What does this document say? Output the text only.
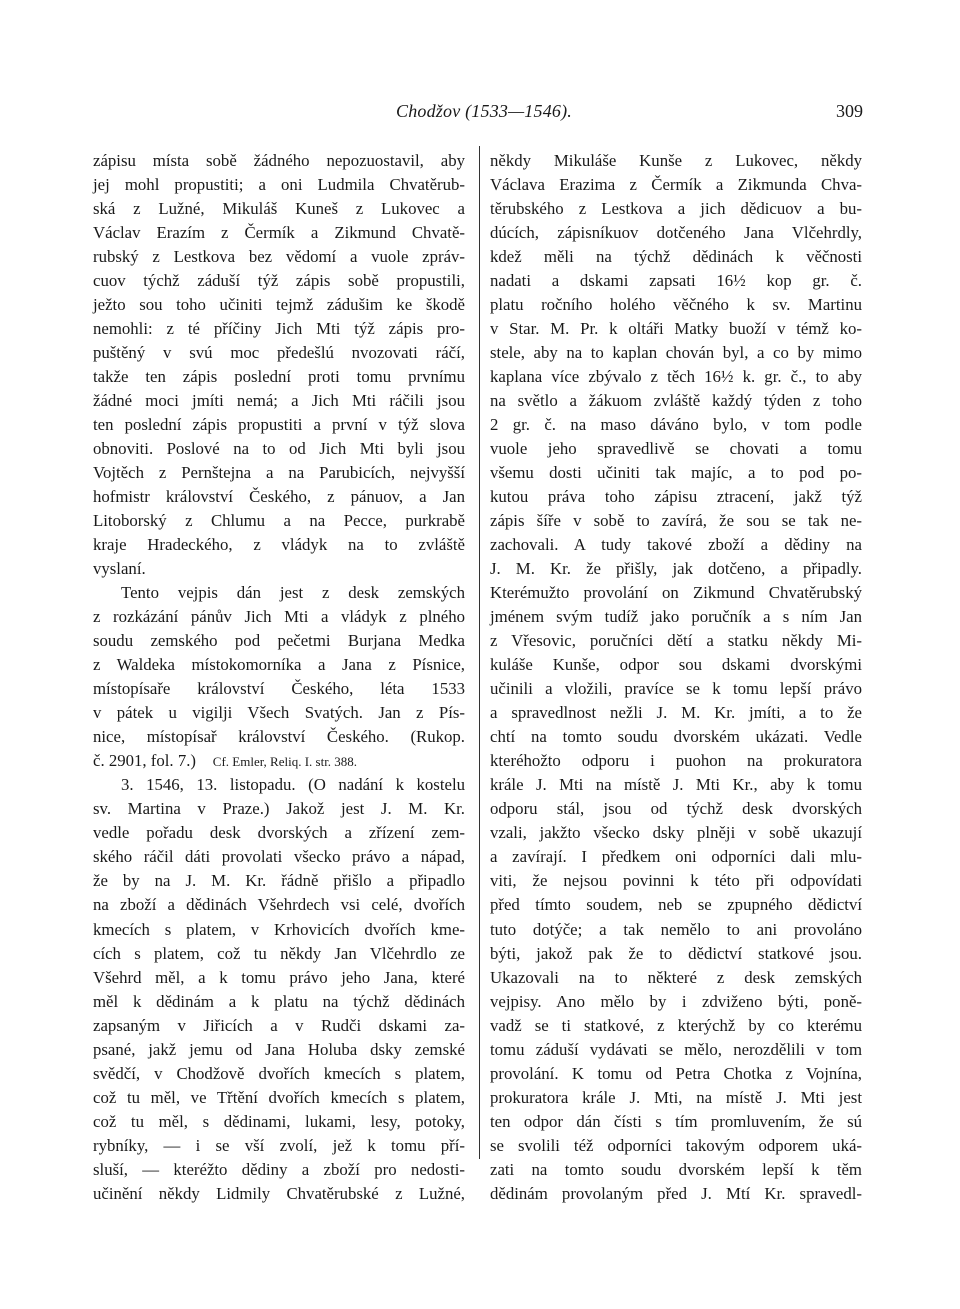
Chodžov (1533—1546).	309
zápisu místa sobě žádného nepozuostavil, aby
jej mohl propustiti; a oni Ludmila Chvatěrub-
ská z Lužné, Mikuláš Kuneš z Lukovec a
Václav Erazím z Čermík a Zikmund Chvatě-
rubský z Lestkova bez vědomí a vuole zpráv-
cuov týchž záduší týž zápis sobě propustili,
ježto sou toho učiniti tejmž zádušim ke škodě
nemohli: z té příčiny Jich Mti týž zápis pro-
puštěný v svú moc předešlú nvozovati ráčí,
takže ten zápis poslední proti tomu prvnímu
žádné moci jmíti nemá; a Jich Mti ráčili jsou
ten poslední zápis propustiti a první v týž slova
obnoviti. Poslové na to od Jich Mti byli jsou
Vojtěch z Pernštejna a na Parubicích, nejvyšší
hofmistr království Českého, z pánuov, a Jan
Litoborský z Chlumu a na Pecce, purkrabě
kraje Hradeckého, z vládyk na to zvláště
vyslaní.
Tento vejpis dán jest z desk zemských
z rozkázání pánův Jich Mti a vládyk z plného
soudu zemského pod pečetmi Burjana Medka
z Waldeka místokomorníka a Jana z Písnice,
místopísaře království Českého, léta 1533
v pátek u vigilji Všech Svatých. Jan z Pís-
nice, místopísař království Českého. (Rukop.
č. 2901, fol. 7.)  Cf. Emler, Reliq. I. str. 388.
3. 1546, 13. listopadu. (O nadání k kostelu
sv. Martina v Praze.) Jakož jest J. M. Kr.
vedle pořadu desk dvorských a zřízení zem-
ského ráčil dáti provolati všecko právo a nápad,
že by na J. M. Kr. řádně přišlo a připadlo
na zboží a dědinách Všehrdech vsi celé, dvořích
kmecích s platem, v Krhovicích dvořích kme-
cích s platem, což tu někdy Jan Vlčehrdlo ze
Všehrd měl, a k tomu právo jeho Jana, které
měl k dědinám a k platu na týchž dědinách
zapsaným v Jiřicích a v Rudči dskami za-
psané, jakž jemu od Jana Holuba dsky zemské
svědčí, v Chodžově dvořích kmecích s platem,
což tu měl, ve Třtění dvořích kmecích s platem,
což tu měl, s dědinami, lukami, lesy, potoky,
rybníky, — i se vší zvolí, jež k tomu pří-
sluší, — kteréžto dědiny a zboží pro nedosti-
učinění někdy Lidmily Chvatěrubské z Lužné,
někdy Mikuláše Kunše z Lukovec, někdy
Václava Erazima z Čermík a Zikmunda Chva-
těrubského z Lestkova a jich dědicuov a bu-
dúcích, zápisníkuov dotčeného Jana Vlčehrdly,
kdež měli na týchž dědinách k věčnosti
nadati a dskami zapsati 16½ kop gr. č.
platu ročního holého věčného k sv. Martinu
v Star. M. Pr. k oltáři Matky buoží v témž ko-
stele, aby na to kaplan chován byl, a co by mimo
kaplana více zbývalo z těch 16½ k. gr. č., to aby
na světlo a žákuom zvláště každý týden z toho
2 gr. č. na maso dáváno bylo, v tom podle
vuole jeho spravedlivě se chovati a tomu
všemu dosti učiniti tak majíc, a to pod po-
kutou práva toho zápisu ztracení, jakž týž
zápis šíře v sobě to zavírá, že sou se tak ne-
zachovali. A tudy takové zboží a dědiny na
J. M. Kr. že přišly, jak dotčeno, a připadly.
Kterémužto provolání on Zikmund Chvatěrubský
jménem svým tudíž jako poručník a s ním Jan
z Vřesovic, poručníci dětí a statku někdy Mi-
kuláše Kunše, odpor sou dskami dvorskými
učinili a vložili, pravíce se k tomu lepší právo
a spravedlnost nežli J. M. Kr. jmíti, a to že
chtí na tomto soudu dvorském ukázati. Vedle
kteréhožto odporu i puohon na prokuratora
krále J. Mti na místě J. Mti Kr., aby k tomu
odporu stál, jsou od týchž desk dvorských
vzali, jakžto všecko dsky plněji v sobě ukazují
a zavírají. I předkem oni odporníci dali mlu-
viti, že nejsou povinni k této při odpovídati
před tímto soudem, neb se zpupného dědictví
tuto dotýče; a tak nemělo to ani provoláno
býti, jakož pak že to dědictví statkové jsou.
Ukazovali na to některé z desk zemských
vejpisy. Ano mělo by i zdviženo býti, poně-
vadž se ti statkové, z kterýchž by co kterému
tomu záduší vydávati se mělo, nerozdělili v tom
provolání. K tomu od Petra Chotka z Vojnína,
prokuratora krále J. Mti, na místě J. Mti jest
ten odpor dán čísti s tím promluvením, že sú
se svolili též odporníci takovým odporem uká-
zati na tomto soudu dvorském lepší k těm
dědinám provolaným před J. Mtí Kr. spravedl-
